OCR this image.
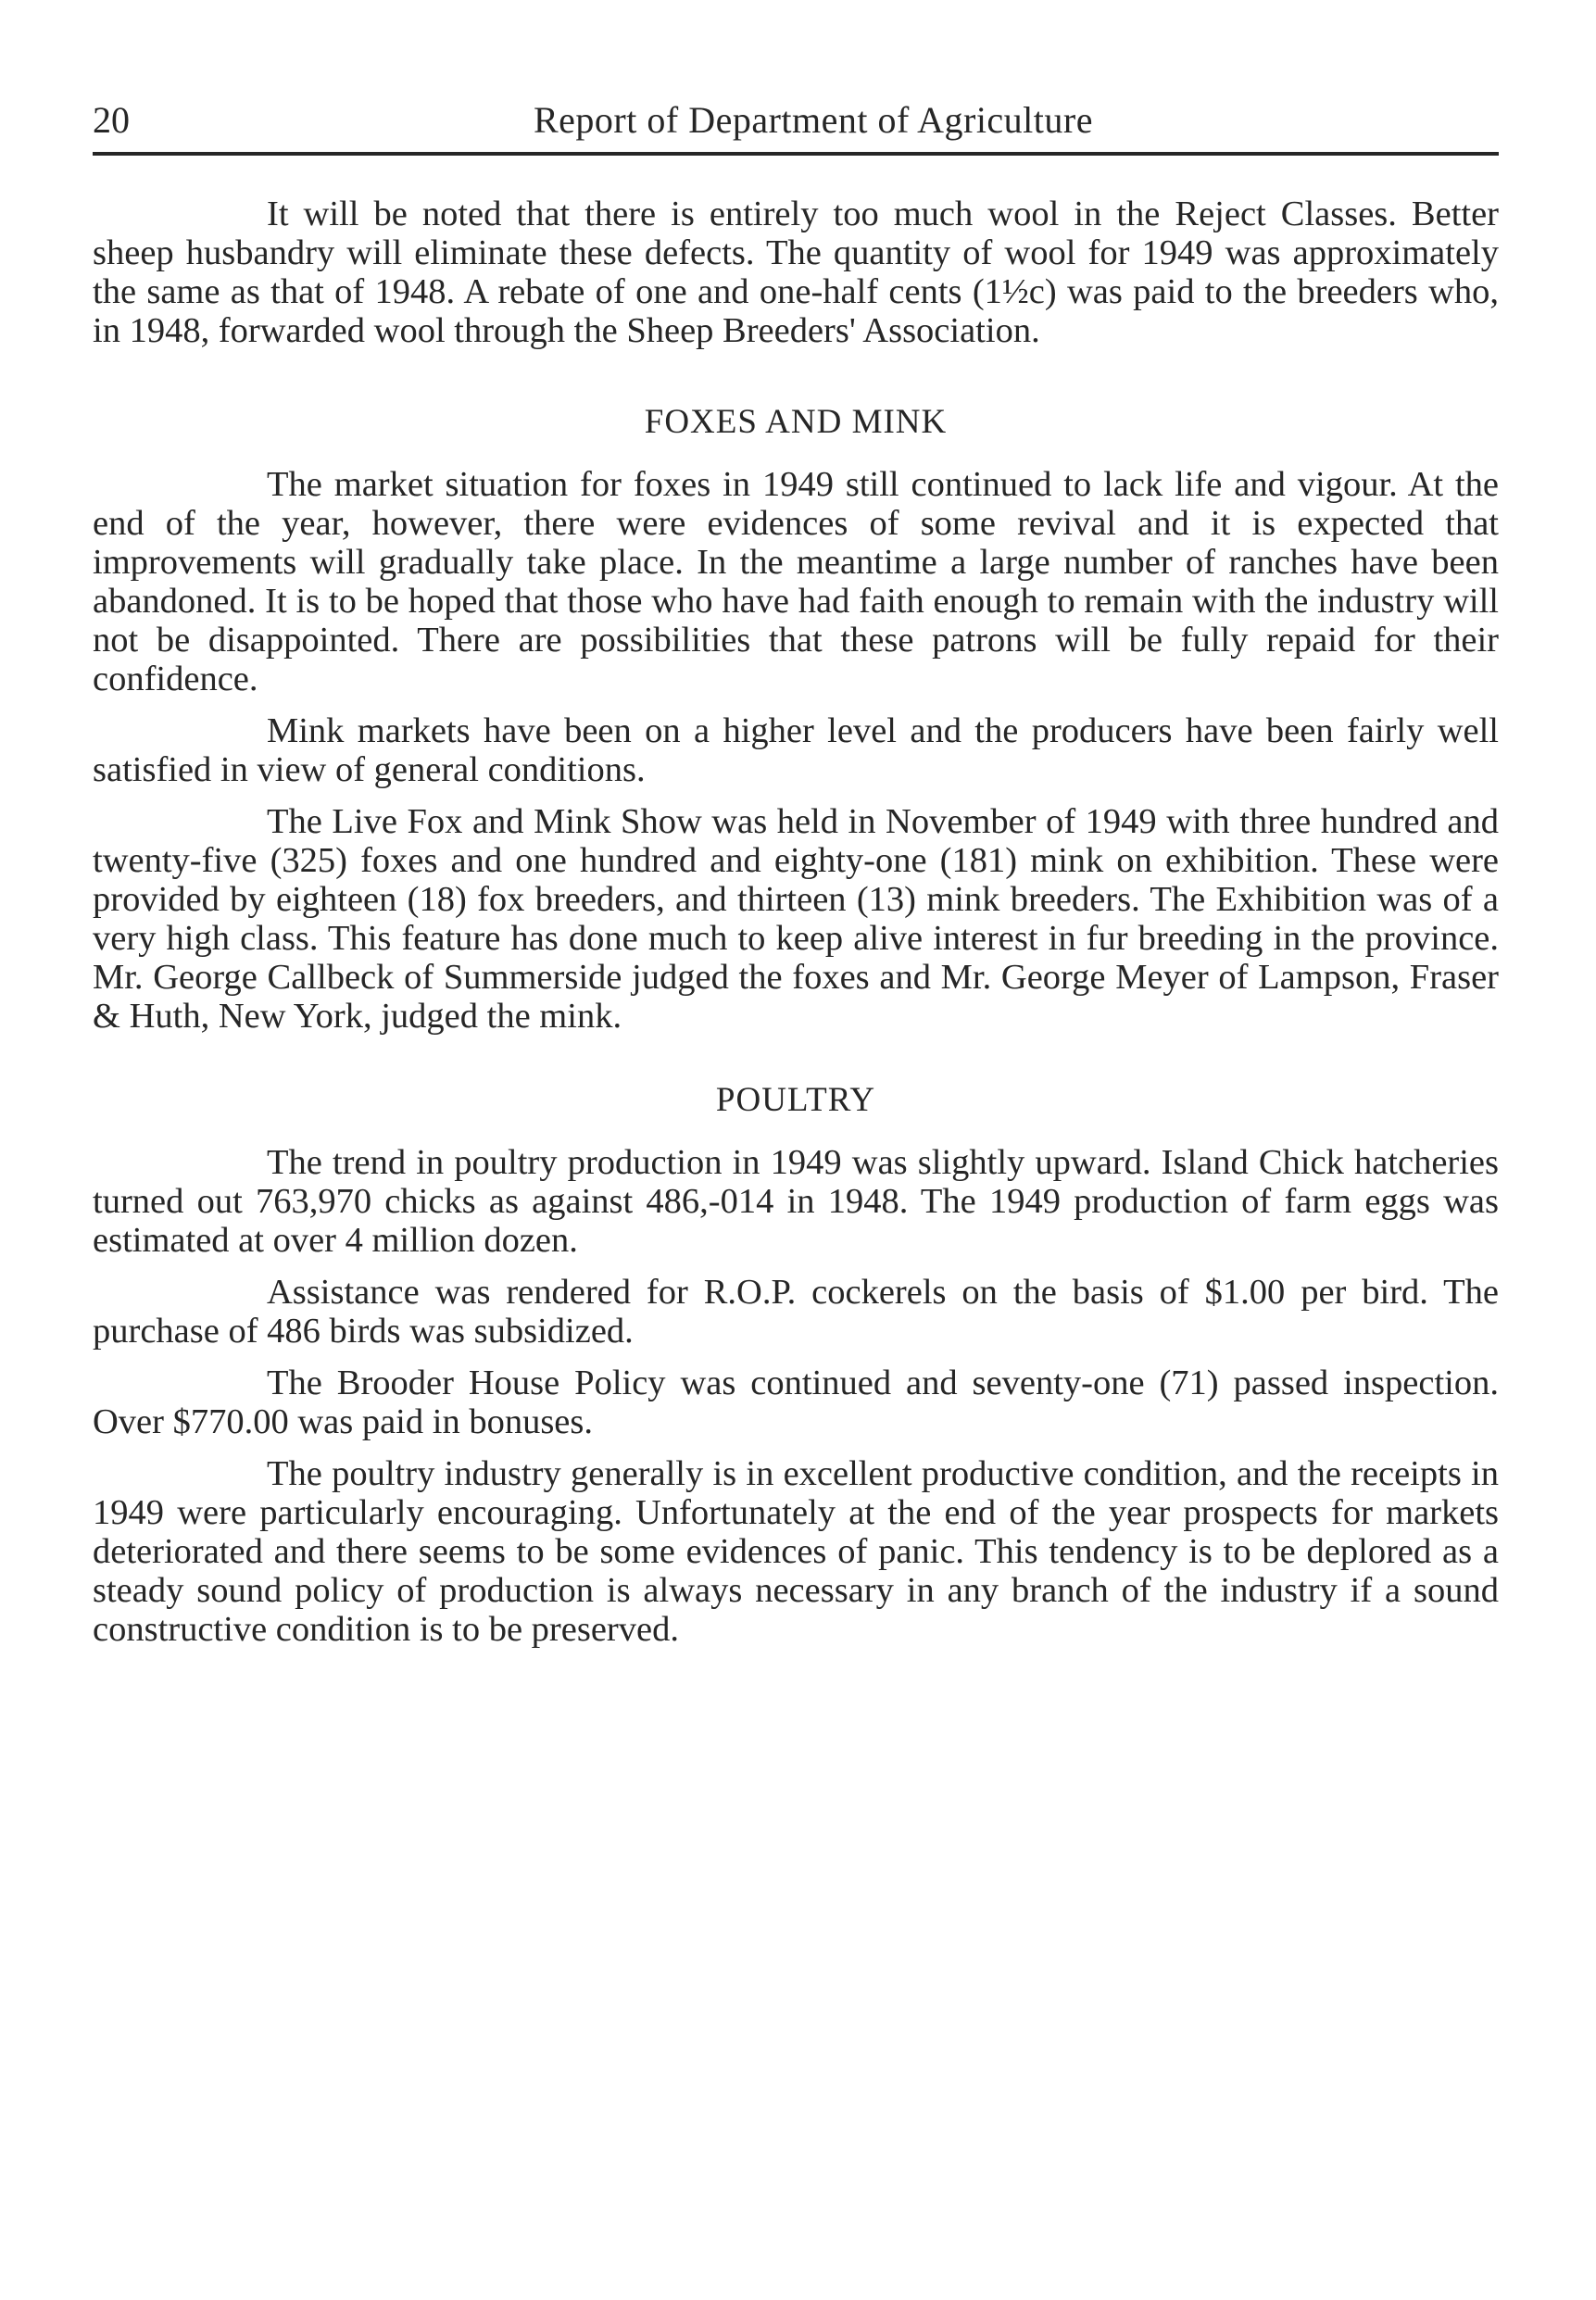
20	Report of Department of Agriculture

It will be noted that there is entirely too much wool in the Reject Classes. Better sheep husbandry will eliminate these defects. The quantity of wool for 1949 was approximately the same as that of 1948. A rebate of one and one-half cents (1½c) was paid to the breeders who, in 1948, forwarded wool through the Sheep Breeders' Association.

FOXES AND MINK

The market situation for foxes in 1949 still continued to lack life and vigour. At the end of the year, however, there were evidences of some revival and it is expected that improvements will gradually take place. In the meantime a large number of ranches have been abandoned. It is to be hoped that those who have had faith enough to remain with the industry will not be disappointed. There are possibilities that these patrons will be fully repaid for their confidence.

Mink markets have been on a higher level and the producers have been fairly well satisfied in view of general conditions.

The Live Fox and Mink Show was held in November of 1949 with three hundred and twenty-five (325) foxes and one hundred and eighty-one (181) mink on exhibition. These were provided by eighteen (18) fox breeders, and thirteen (13) mink breeders. The Exhibition was of a very high class. This feature has done much to keep alive interest in fur breeding in the province. Mr. George Callbeck of Summerside judged the foxes and Mr. George Meyer of Lampson, Fraser & Huth, New York, judged the mink.

POULTRY

The trend in poultry production in 1949 was slightly upward. Island Chick hatcheries turned out 763,970 chicks as against 486,-014 in 1948. The 1949 production of farm eggs was estimated at over 4 million dozen.

Assistance was rendered for R.O.P. cockerels on the basis of $1.00 per bird. The purchase of 486 birds was subsidized.

The Brooder House Policy was continued and seventy-one (71) passed inspection. Over $770.00 was paid in bonuses.

The poultry industry generally is in excellent productive condition, and the receipts in 1949 were particularly encouraging. Unfortunately at the end of the year prospects for markets deteriorated and there seems to be some evidences of panic. This tendency is to be deplored as a steady sound policy of production is always necessary in any branch of the industry if a sound constructive condition is to be preserved.
